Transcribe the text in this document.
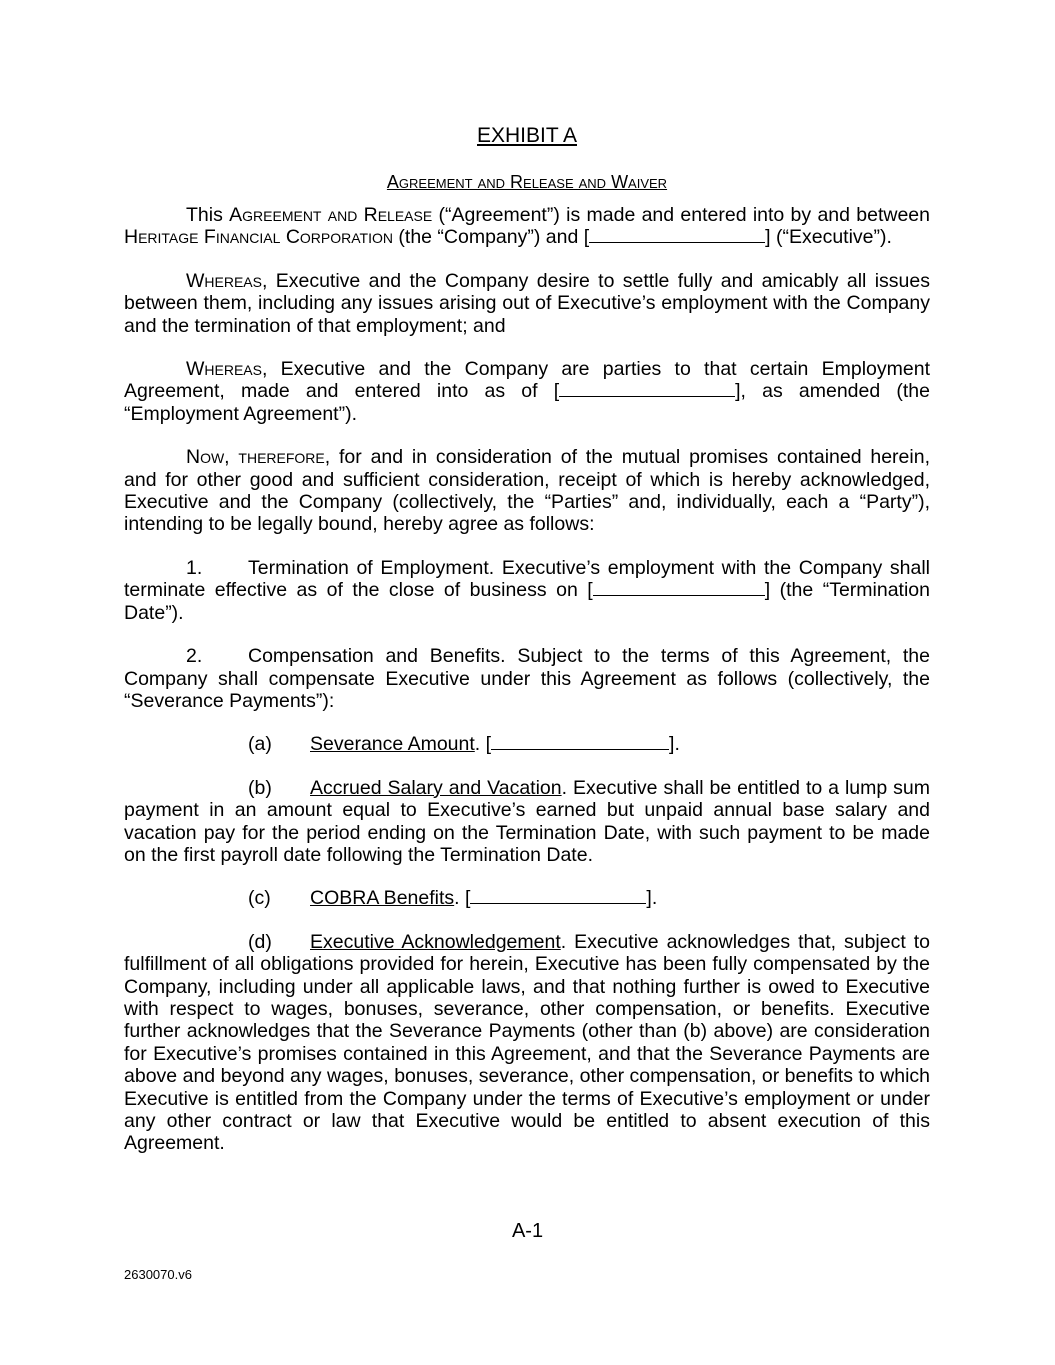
EXHIBIT A
Agreement and Release and Waiver

This Agreement and Release (“Agreement”) is made and entered into by and between Heritage Financial Corporation (the “Company”) and [	] (“Executive”).

Whereas, Executive and the Company desire to settle fully and amicably all issues between them, including any issues arising out of Executive’s employment with the Company and the termination of that employment; and

Whereas, Executive and the Company are parties to that certain Employment Agreement, made and entered into as of [	], as amended (the “Employment Agreement”).

Now, therefore, for and in consideration of the mutual promises contained herein, and for other good and sufficient consideration, receipt of which is hereby acknowledged, Executive and the Company (collectively, the “Parties” and, individually, each a “Party”), intending to be legally bound, hereby agree as follows:

1. Termination of Employment. Executive’s employment with the Company shall terminate effective as of the close of business on [	] (the “Termination Date”).

2. Compensation and Benefits. Subject to the terms of this Agreement, the Company shall compensate Executive under this Agreement as follows (collectively, the “Severance Payments”):

(a) Severance Amount. [	].

(b) Accrued Salary and Vacation. Executive shall be entitled to a lump sum payment in an amount equal to Executive’s earned but unpaid annual base salary and vacation pay for the period ending on the Termination Date, with such payment to be made on the first payroll date following the Termination Date.

(c) COBRA Benefits. [	].

(d) Executive Acknowledgement. Executive acknowledges that, subject to fulfillment of all obligations provided for herein, Executive has been fully compensated by the Company, including under all applicable laws, and that nothing further is owed to Executive with respect to wages, bonuses, severance, other compensation, or benefits. Executive further acknowledges that the Severance Payments (other than (b) above) are consideration for Executive’s promises contained in this Agreement, and that the Severance Payments are above and beyond any wages, bonuses, severance, other compensation, or benefits to which Executive is entitled from the Company under the terms of Executive’s employment or under any other contract or law that Executive would be entitled to absent execution of this Agreement.

A-1
2630070.v6
